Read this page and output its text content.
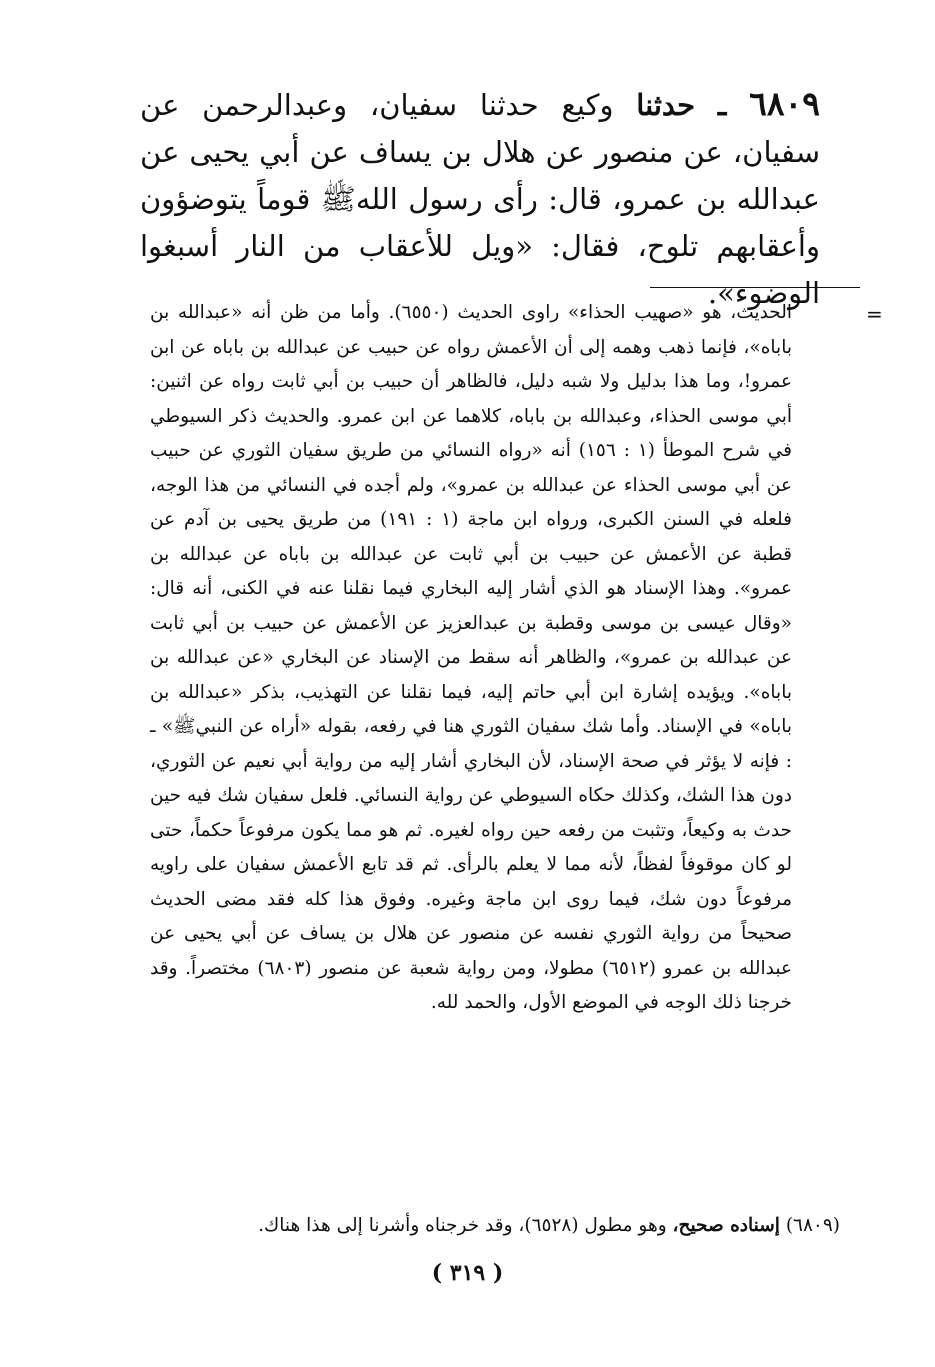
٦٨٠٩ ـ حدثنا وكيع حدثنا سفيان، وعبدالرحمن عن سفيان، عن منصور عن هلال بن يساف عن أبي يحيى عن عبدالله بن عمرو، قال: رأى رسول اللهﷺ قوماً يتوضؤون وأعقابهم تلوح، فقال: «ويل للأعقاب من النار أسبغوا الوضوء».
=
الحديث، هو «صهيب الحذاء» راوى الحديث (٦٥٥٠). وأما من ظن أنه «عبدالله بن باباه»، فإنما ذهب وهمه إلى أن الأعمش رواه عن حبيب عن عبدالله بن باباه عن ابن عمرو!، وما هذا بدليل ولا شبه دليل، فالظاهر أن حبيب بن أبي ثابت رواه عن اثنين: أبي موسى الحذاء، وعبدالله بن باباه، كلاهما عن ابن عمرو. والحديث ذكر السيوطي في شرح الموطأ (١ : ١٥٦) أنه «رواه النسائي من طريق سفيان الثوري عن حبيب عن أبي موسى الحذاء عن عبدالله بن عمرو»، ولم أجده في النسائي من هذا الوجه، فلعله في السنن الكبرى، ورواه ابن ماجة (١ : ١٩١) من طريق يحيى بن آدم عن قطبة عن الأعمش عن حبيب بن أبي ثابت عن عبدالله بن باباه عن عبدالله بن عمرو». وهذا الإسناد هو الذي أشار إليه البخاري فيما نقلنا عنه في الكنى، أنه قال: «وقال عيسى بن موسى وقطبة بن عبدالعزيز عن الأعمش عن حبيب بن أبي ثابت عن عبدالله بن عمرو»، والظاهر أنه سقط من الإسناد عن البخاري «عن عبدالله بن باباه». ويؤيده إشارة ابن أبي حاتم إليه، فيما نقلنا عن التهذيب، بذكر «عبدالله بن باباه» في الإسناد. وأما شك سفيان الثوري هنا في رفعه، بقوله «أراه عن النبيﷺ» ـ : فإنه لا يؤثر في صحة الإسناد، لأن البخاري أشار إليه من رواية أبي نعيم عن الثوري، دون هذا الشك، وكذلك حكاه السيوطي عن رواية النسائي. فلعل سفيان شك فيه حين حدث به وكيعاً، وتثبت من رفعه حين رواه لغيره. ثم هو مما يكون مرفوعاً حكماً، حتى لو كان موقوفاً لفظاً، لأنه مما لا يعلم بالرأى. ثم قد تابع الأعمش سفيان على راويه مرفوعاً دون شك، فيما روى ابن ماجة وغيره. وفوق هذا كله فقد مضى الحديث صحيحاً من رواية الثوري نفسه عن منصور عن هلال بن يساف عن أبي يحيى عن عبدالله بن عمرو (٦٥١٢) مطولا، ومن رواية شعبة عن منصور (٦٨٠٣) مختصراً. وقد خرجنا ذلك الوجه في الموضع الأول، والحمد لله.
(٦٨٠٩) إسناده صحيح، وهو مطول (٦٥٢٨)، وقد خرجناه وأشرنا إلى هذا هناك.
( ٣١٩ )
